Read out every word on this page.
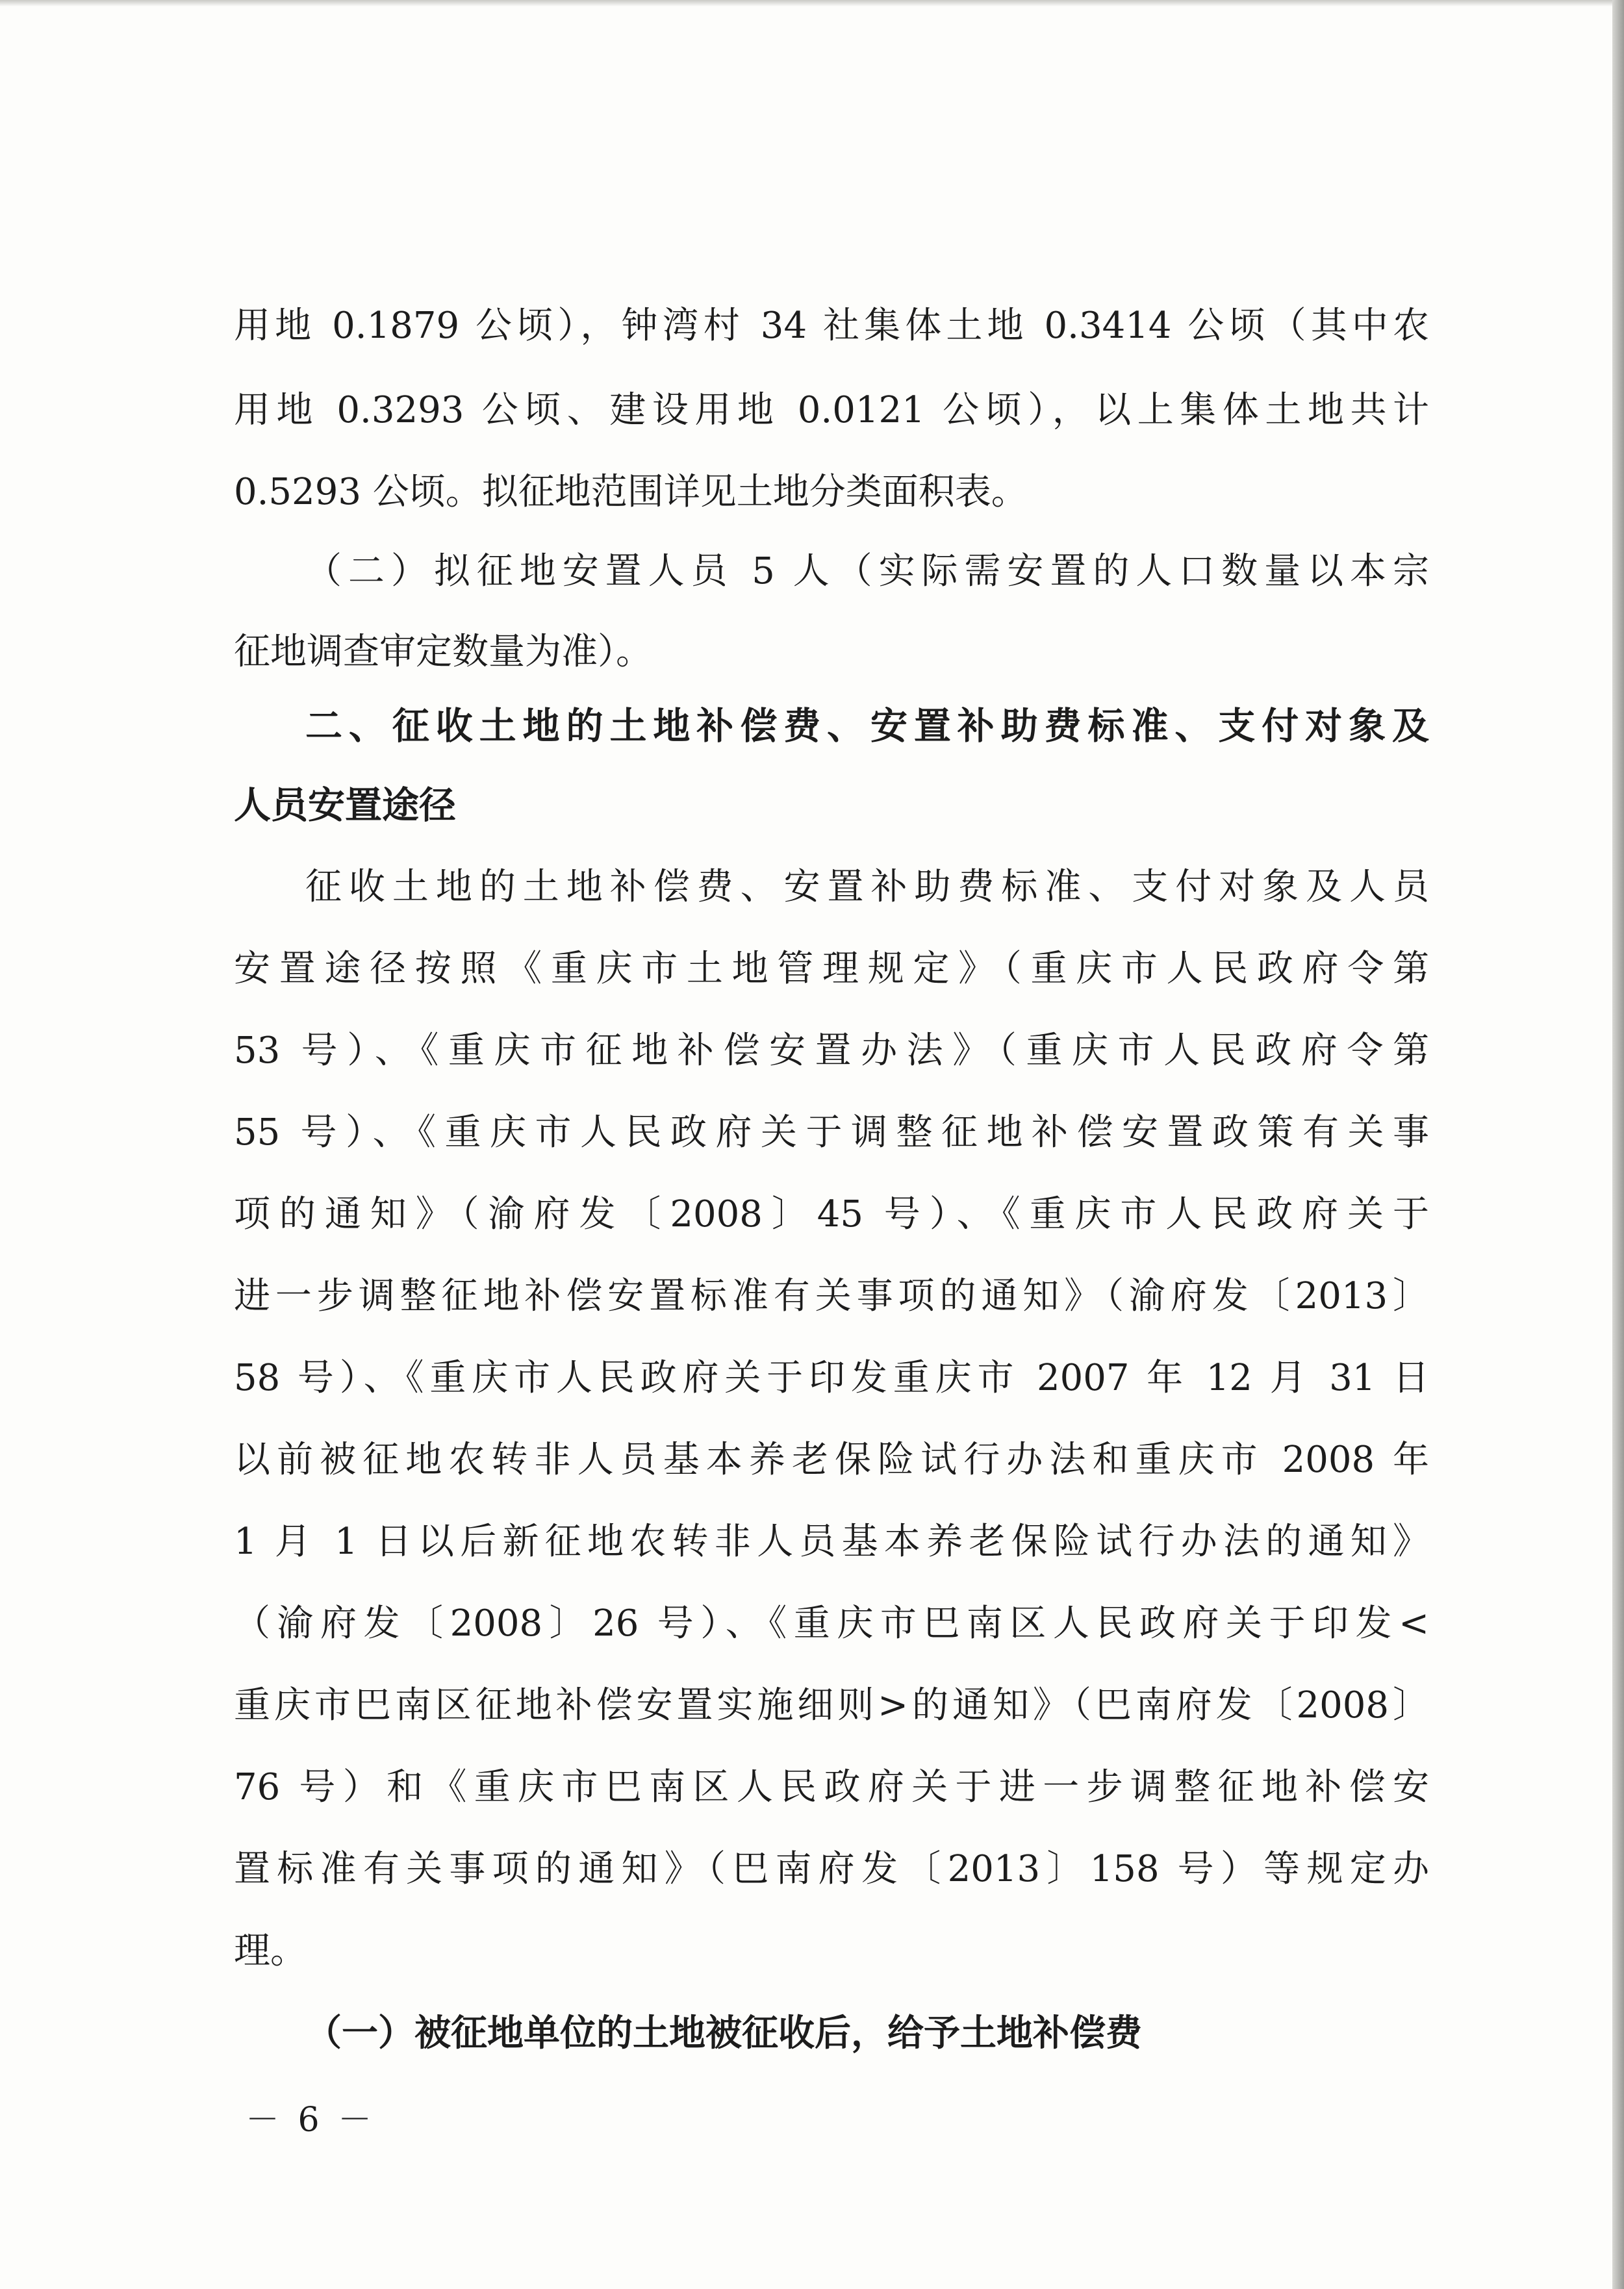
用地 0.1879 公顷），钟湾村 34 社集体土地 0.3414 公顷（其中农
用地 0.3293 公顷、建设用地 0.0121 公顷），以上集体土地共计
0.5293 公顷。拟征地范围详见土地分类面积表。
（二）拟征地安置人员 5 人（实际需安置的人口数量以本宗
征地调查审定数量为准）。
二、征收土地的土地补偿费、安置补助费标准、支付对象及
人员安置途径
征收土地的土地补偿费、安置补助费标准、支付对象及人员
安置途径按照《重庆市土地管理规定》（重庆市人民政府令第
53 号）、《重庆市征地补偿安置办法》（重庆市人民政府令第
55 号）、《重庆市人民政府关于调整征地补偿安置政策有关事
项的通知》（渝府发〔2008〕45 号）、《重庆市人民政府关于
进一步调整征地补偿安置标准有关事项的通知》（渝府发〔2013〕
58 号）、《重庆市人民政府关于印发重庆市 2007 年 12 月 31 日
以前被征地农转非人员基本养老保险试行办法和重庆市 2008 年
1 月 1 日以后新征地农转非人员基本养老保险试行办法的通知》
（渝府发〔2008〕26 号）、《重庆市巴南区人民政府关于印发<
重庆市巴南区征地补偿安置实施细则>的通知》（巴南府发〔2008〕
76 号）和《重庆市巴南区人民政府关于进一步调整征地补偿安
置标准有关事项的通知》（巴南府发〔2013〕158 号）等规定办
理。
（一）被征地单位的土地被征收后，给予土地补偿费
－ 6 －
